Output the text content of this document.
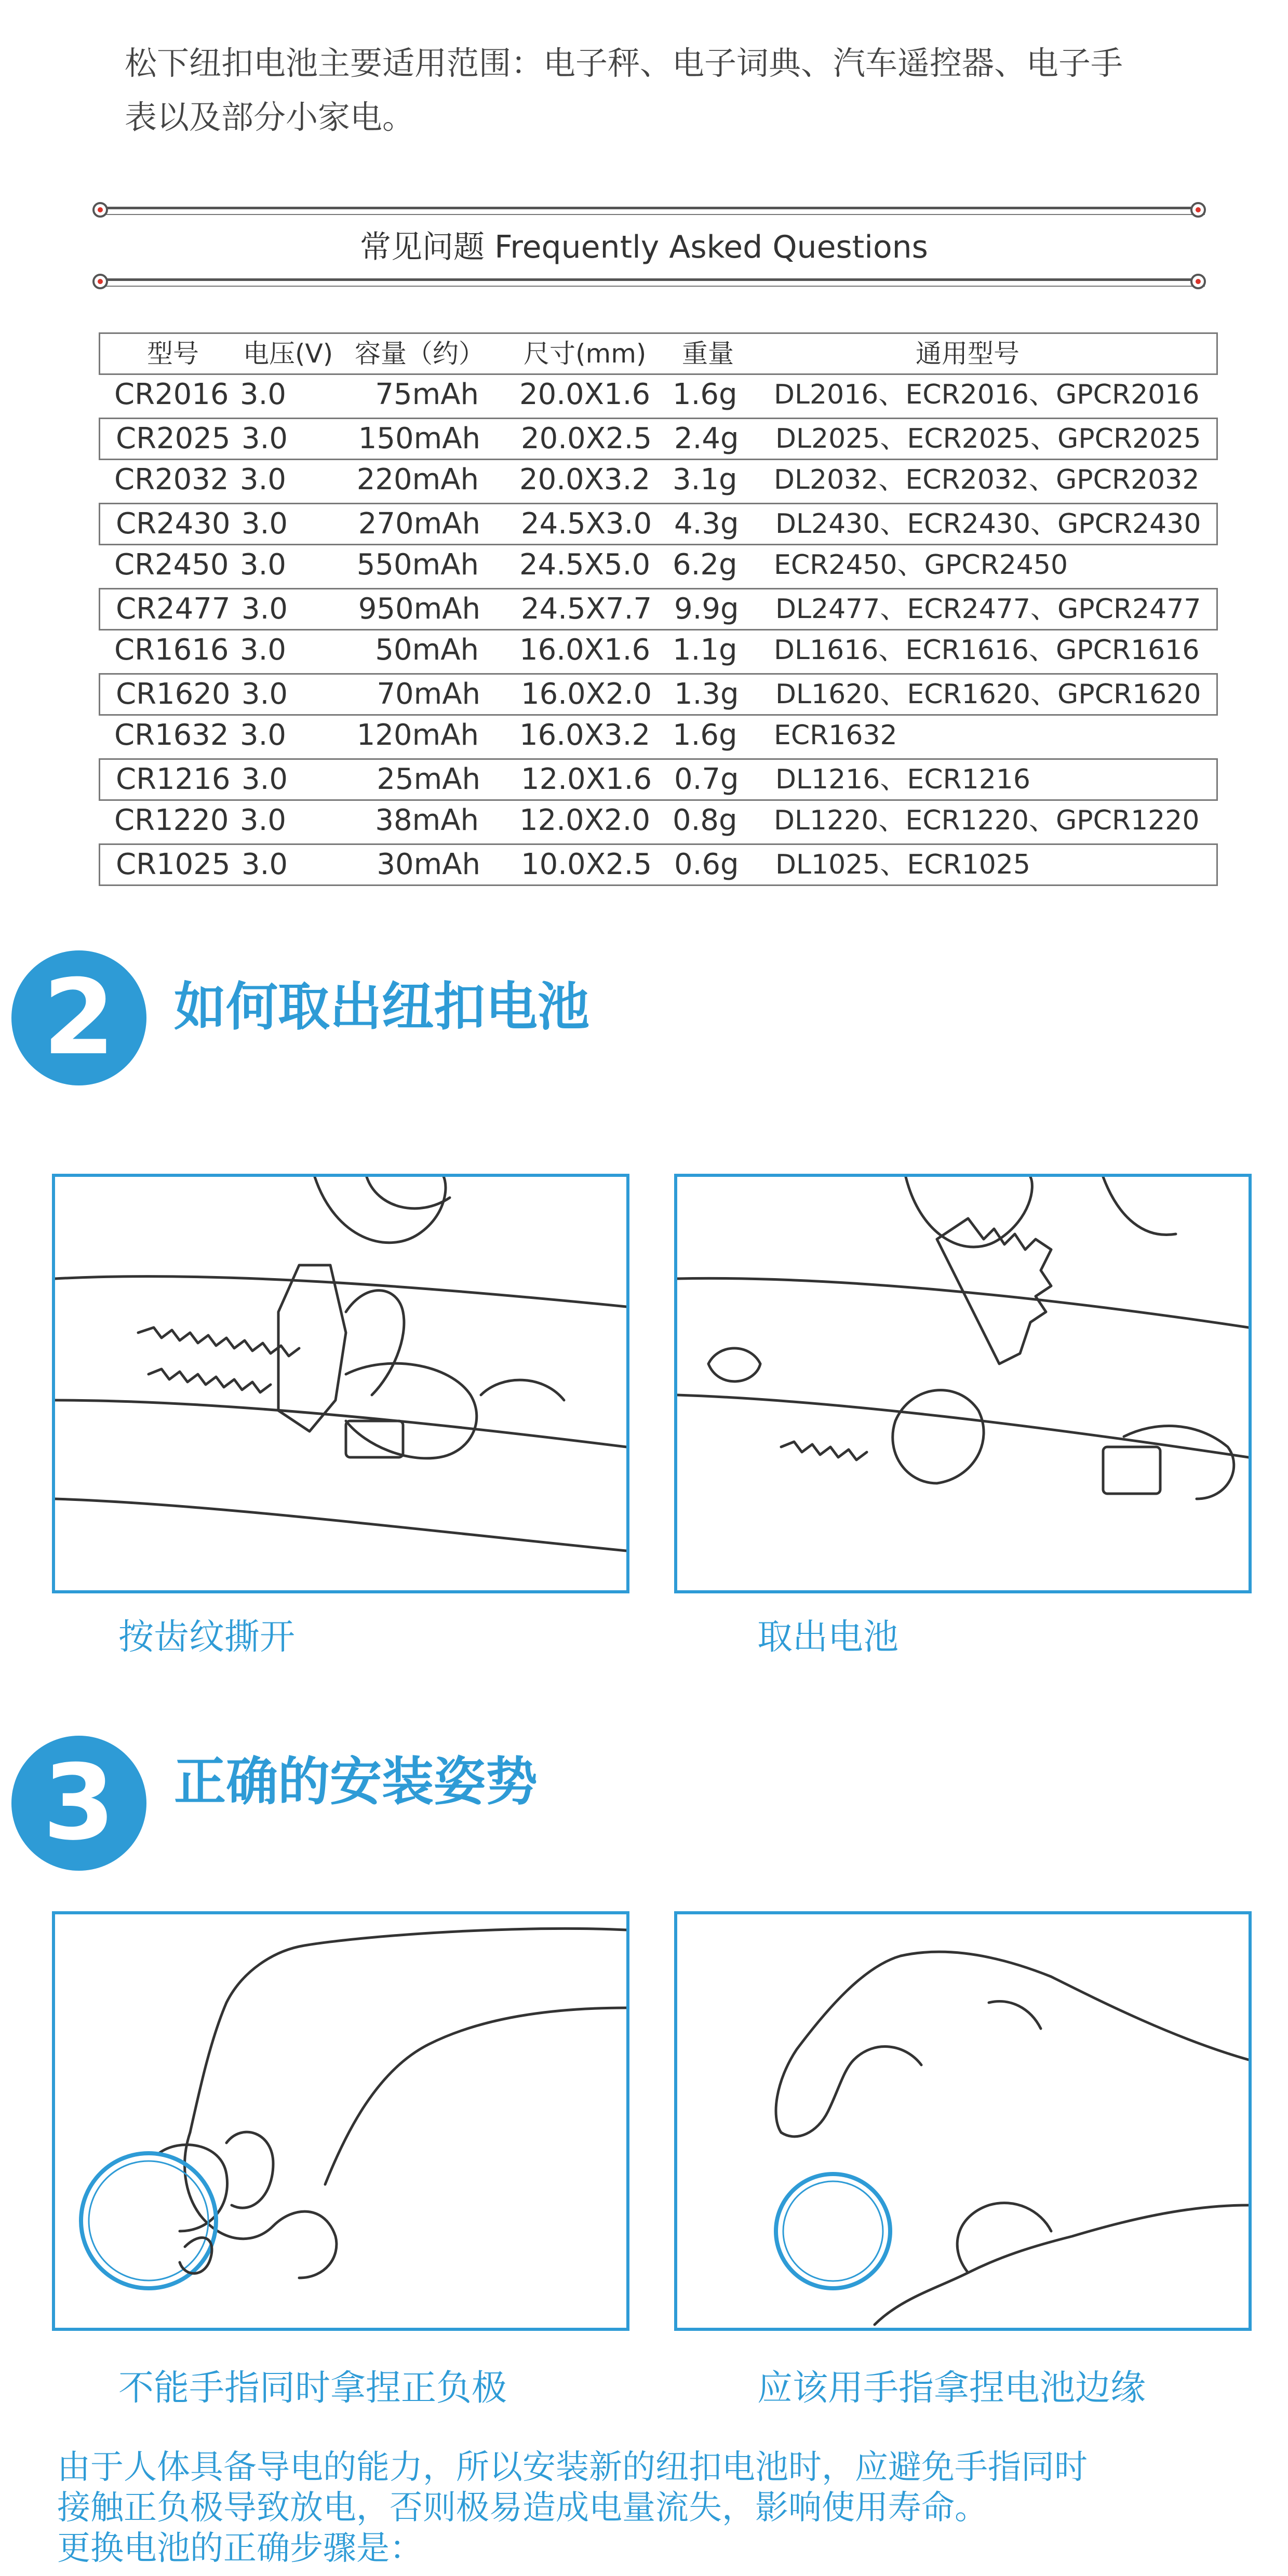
松下纽扣电池主要适用范围：电子秤、电子词典、汽车遥控器、电子手
表以及部分小家电。
常见问题 Frequently Asked Questions
型号 电压(V) 容量（约） 尺寸(mm) 重量	通用型号
CR2016 3.0	75mAh 20.0X1.6 1.6g DL2016、ECR2016、GPCR2016
CR2025 3.0	150mAh 20.0X2.5 2.4g DL2025、ECR2025、GPCR2025
CR2032 3.0	220mAh 20.0X3.2 3.1g DL2032、ECR2032、GPCR2032
CR2430 3.0	270mAh 24.5X3.0 4.3g DL2430、ECR2430、GPCR2430
CR2450 3.0	550mAh 24.5X5.0 6.2g ECR2450、GPCR2450
CR2477 3.0	950mAh 24.5X7.7 9.9g DL2477、ECR2477、GPCR2477
CR1616 3.0	50mAh 16.0X1.6 1.1g DL1616、ECR1616、GPCR1616
CR1620 3.0	70mAh 16.0X2.0 1.3g DL1620、ECR1620、GPCR1620
CR1632 3.0	120mAh 16.0X3.2 1.6g ECR1632
CR1216 3.0	25mAh 12.0X1.6 0.7g DL1216、ECR1216
CR1220 3.0	38mAh 12.0X2.0 0.8g DL1220、ECR1220、GPCR1220
CR1025 3.0	30mAh 10.0X2.5 0.6g DL1025、ECR1025
2	如何取出纽扣电池
按齿纹撕开	取出电池
3	正确的安装姿势
不能手指同时拿捏正负极	应该用手指拿捏电池边缘
由于人体具备导电的能力，所以安装新的纽扣电池时，应避免手指同时
接触正负极导致放电，否则极易造成电量流失，影响使用寿命。
更换电池的正确步骤是：
